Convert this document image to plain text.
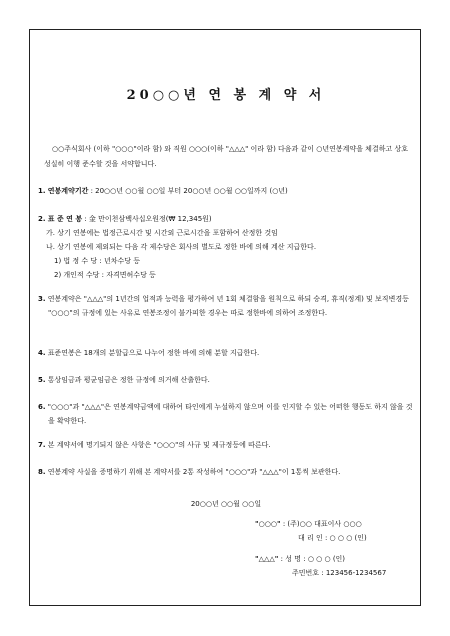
20○○년 연 봉 계 약 서

○○주식회사 (이하 "○○○"이라 함) 와 직원 ○○○(이하 "△△△" 이라 함) 다음과 같이 ○년연봉계약을 체결하고 상호 성실히 이행 준수할 것을 서약합니다.

1. 연봉계약기간 : 20○○년 ○○월 ○○일 부터 20○○년 ○○월 ○○일까지 (○년)

2. 표 준 연 봉 : 金 만이천삼백사십오원정(₩ 12,345원)
가. 상기 연봉에는 법정근로시간 및 시간외 근로시간을 포함하여 산정한 것임
나. 상기 연봉에 제외되는 다음 각 제수당은 회사의 별도로 정한 바에 의해 계산 지급한다.
1) 법 정 수 당 : 년차수당 등
2) 개인적 수당 : 자격면허수당 등

3. 연봉계약은 "△△△"의 1년간의 업적과 능력을 평가하여 년 1회 체결함을 원칙으로 하되 승격, 휴직(정계) 및 보직변경등 "○○○"의 규정에 있는 사유로 연봉조정이 불가피한 경우는 따로 정한바에 의하여 조정한다.

4. 표준연봉은 18개의 분할급으로 나누어 정한 바에 의해 분할 지급한다.

5. 통상임금과 평균임금은 정한 규정에 의거해 산출한다.

6. "○○○"과 "△△△"은 연봉계약금액에 대하여 타인에게 누설하지 않으며 이를 인지할 수 있는 어떠한 행동도 하지 않을 것을 확약한다.

7. 본 계약서에 명기되지 않은 사항은 "○○○"의 사규 및 제규정등에 따른다.

8. 연봉계약 사실을 증명하기 위해 본 계약서를 2통 작성하여 "○○○"과 "△△△"이 1통씩 보관한다.

20○○년 ○○월 ○○일

"○○○" : (주)○○ 대표이사 ○○○

대 리 인 : ○ ○ ○ (인)

"△△△" : 성 명 : ○ ○ ○ (인)

주민번호 : 123456-1234567
